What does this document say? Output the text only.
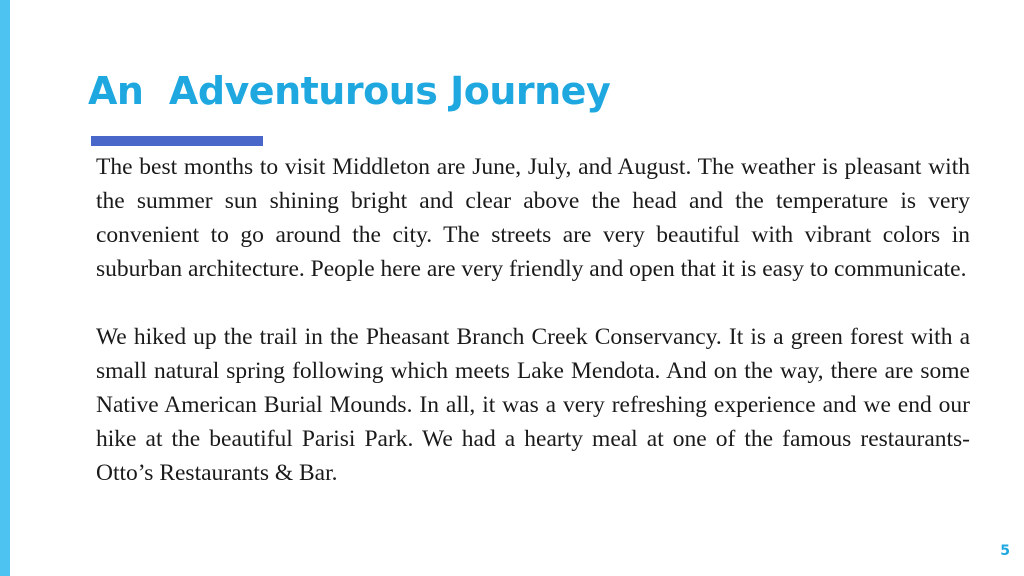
An  Adventurous Journey

The best months to visit Middleton are June, July, and August. The weather is pleasant with the summer sun shining bright and clear above the head and the temperature is very convenient to go around the city. The streets are very beautiful with vibrant colors in suburban architecture. People here are very friendly and open that it is easy to communicate.

We hiked up the trail in the Pheasant Branch Creek Conservancy. It is a green forest with a small natural spring following which meets Lake Mendota. And on the way, there are some Native American Burial Mounds. In all, it was a very refreshing experience and we end our hike at the beautiful Parisi Park. We had a hearty meal at one of the famous restaurants- Otto’s Restaurants & Bar.

5
